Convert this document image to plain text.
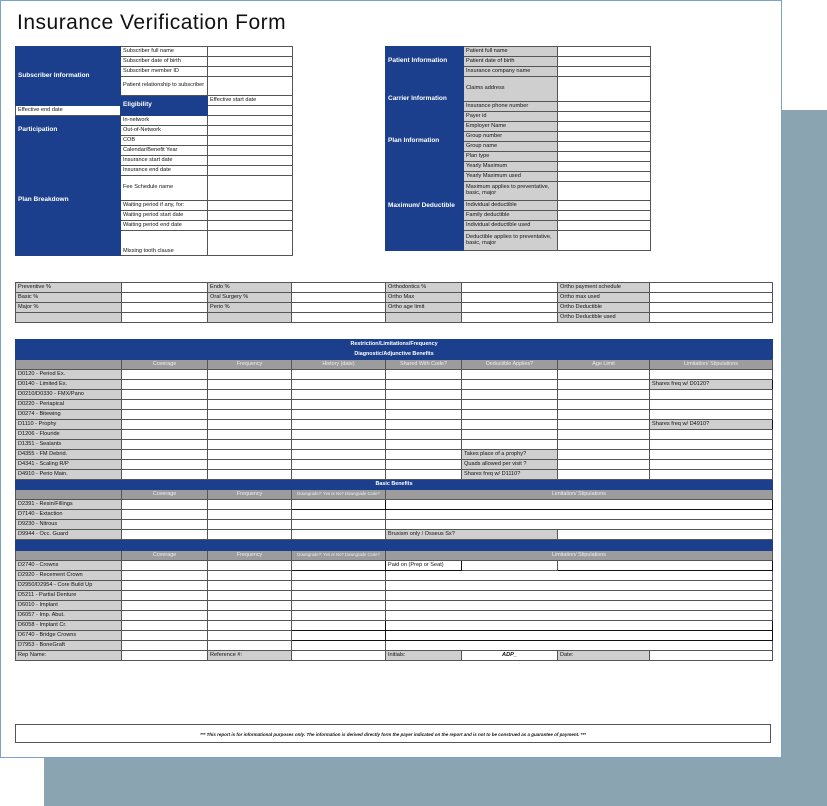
Insurance Verification Form
Subscriber Information	Subscriber full name		
	Subscriber date of birth		
	Subscriber member ID		
	Patient relationship to subscriber		
	Eligibility	Effective start date	
Effective end date			
Participation	In-network		
	Out-of-Network		
	COB		
Plan Breakdown	Calendar/Benefit Year		
	Insurance start date		
	Insurance end date		
	Fee Schedule name		
	Waiting period if any, for:		
	Waiting period start date		
	Waiting period end date		
	Missing tooth clause		
Patient Information	Patient full name	
	Patient date of birth	
	Insurance company name	
Carrier Information	Claims address	
	Insurance phone number	
	Payer id	
Plan Information	Employer Name	
	Group number	
	Group name	
	Plan type	
Maximum/ Deductible	Yearly Maximum	
	Yearly Maximum used	
	Maximum applies to preventative, basic, major	
	Individual deductible	
	Family deductible	
	Individual deductible used	
	Deductible applies to preventative, basic, major	
Preventive %		Endo %		Orthodontics %		Ortho payment schedule	
Basic %		Oral Surgery %		Ortho Max		Ortho max used	
Major %		Perio %		Ortho age limit		Ortho Deductible	
						Ortho Deductible used	
Restriction/Limitations/Frequency								
Diagnostic/Adjunctive Benefits								
	Coverage	Frequency	History (date)	Shared With Code?	Deductible Applies?	Age Limit	Limitation/ Stipulations	
D0120 - Period Ex.								
D0140 - Limited Ex.							Shares freq w/ D0120?	
D0210/D0330 - FMX/Pano								
D0220 - Periapical								
D0274 - Bitewing								
D1110 - Prophy							Shares freq w/ D4910?	
D1206 - Flouride								
D1351 - Sealants								
D4355 - FM Debrid.					Takes place of a prophy?			
D4341 - Scaling R/P					Quads allowed per visit ?			
D4910 - Perio Main.					Shares freq w/ D1110?			
Basic Benefits								
	Coverage	Frequency	Downgrade?: Yes or No? Downgrade Code?	Limitation/ Stipulations				
D2391 - Resin/Fillings								
D7140 - Extaction								
D9230 - Nitrous								
D9944 - Occ. Guard				Bruxism only / Osseus Sx?				

	Coverage	Frequency	Downgrade?: Yes or No? Downgrade Code?	Limitation/ Stipulations				
D2740 - Crowns				Paid on (Prep or Seat)				
D2920 - Recement Crown								
D2950/D2954 - Core Build Up								
D5211 - Partial Denture								
D6010 - Implant								
D6057 - Imp. Abut.								
D6058 - Implant Cr.								
D6740 - Bridge Crowns								
D7953 - BoneGraft								
Rep Name:		Reference #:		Initials:	ADP_	Date:		
*** This report is for informational purposes only. The information is derived directly form the payer indicated on the report and is not to be construed as a guarantee of payment. ***
